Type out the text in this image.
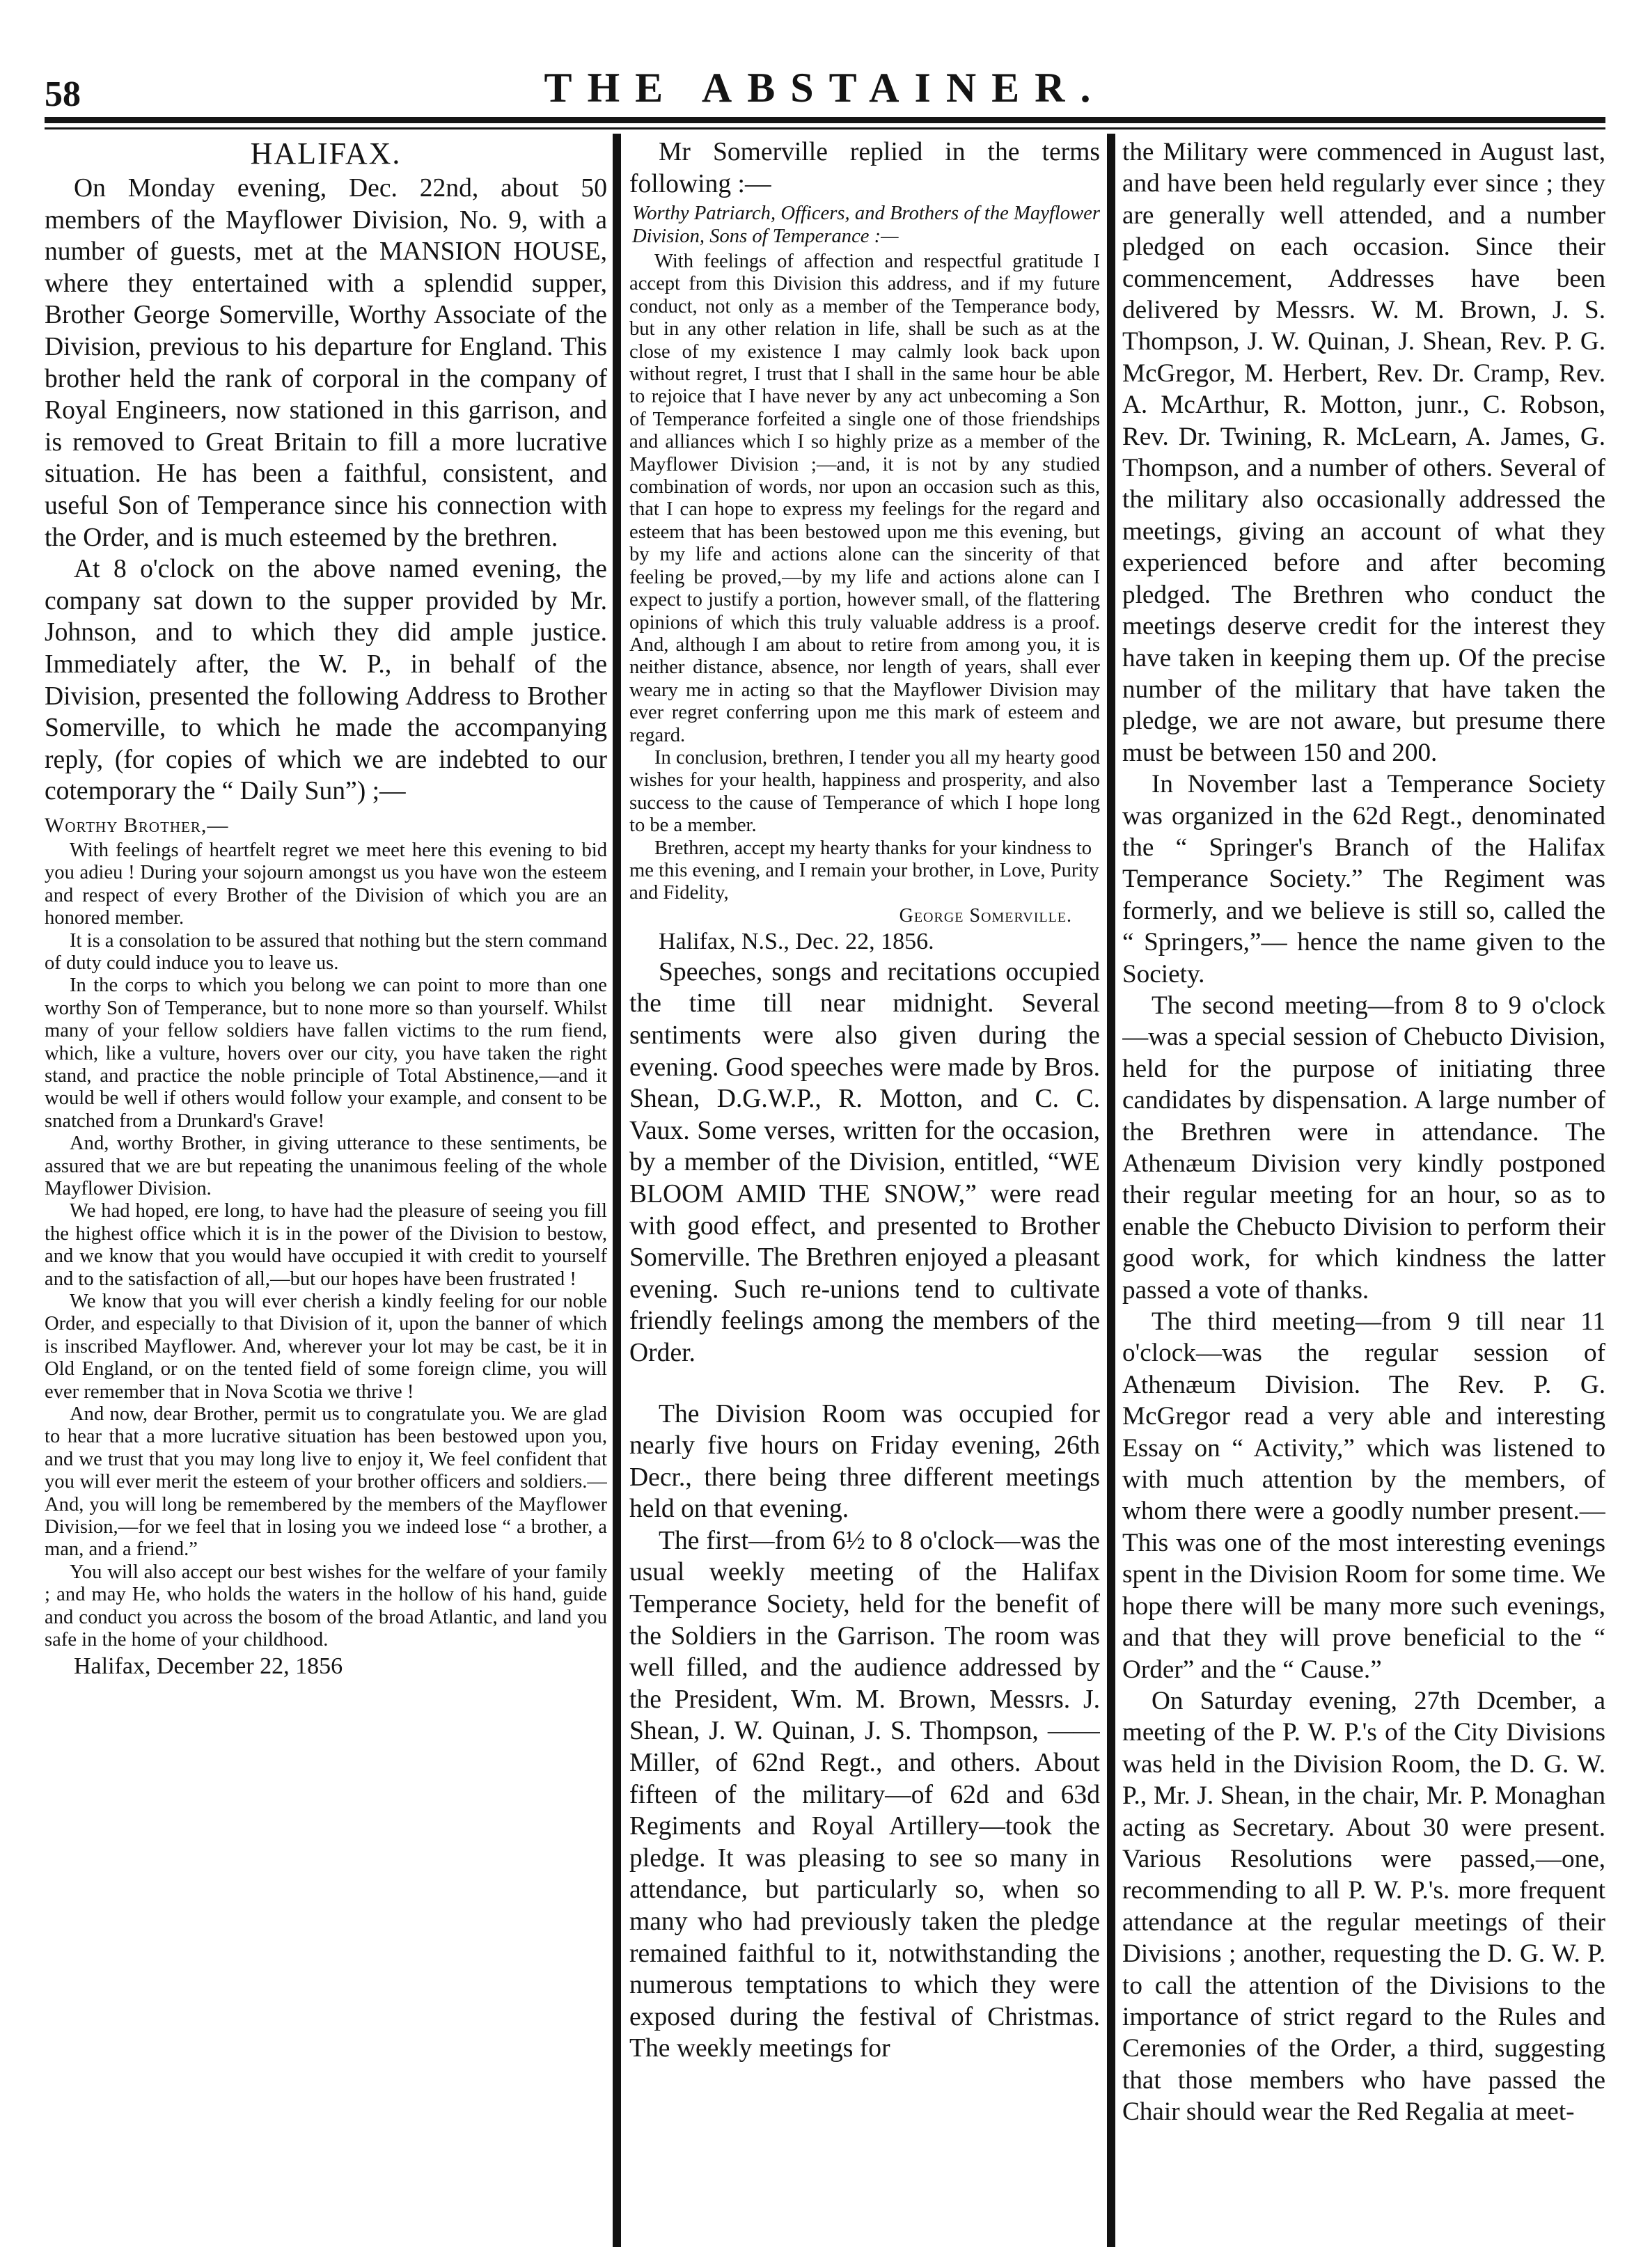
58	THE ABSTAINER.
HALIFAX.

On Monday evening, Dec. 22nd, about 50 members of the Mayflower Division, No. 9, with a number of guests, met at the MANSION HOUSE, where they entertained with a splendid supper, Brother George Somerville, Worthy Associate of the Division, previous to his departure for England. This brother held the rank of corporal in the company of Royal Engineers, now stationed in this garrison, and is removed to Great Britain to fill a more lucrative situation. He has been a faithful, consistent, and useful Son of Temperance since his connection with the Order, and is much esteemed by the brethren.

At 8 o'clock on the above named evening, the company sat down to the supper provided by Mr. Johnson, and to which they did ample justice. Immediately after, the W. P., in behalf of the Division, presented the following Address to Brother Somerville, to which he made the accompanying reply, (for copies of which we are indebted to our cotemporary the “ Daily Sun”) ;—

Worthy Brother,—

With feelings of heartfelt regret we meet here this evening to bid you adieu ! During your sojourn amongst us you have won the esteem and respect of every Brother of the Division of which you are an honored member.

It is a consolation to be assured that nothing but the stern command of duty could induce you to leave us.

In the corps to which you belong we can point to more than one worthy Son of Temperance, but to none more so than yourself. Whilst many of your fellow soldiers have fallen victims to the rum fiend, which, like a vulture, hovers over our city, you have taken the right stand, and practice the noble principle of Total Abstinence,—and it would be well if others would follow your example, and consent to be snatched from a Drunkard's Grave!

And, worthy Brother, in giving utterance to these sentiments, be assured that we are but repeating the unanimous feeling of the whole Mayflower Division.

We had hoped, ere long, to have had the pleasure of seeing you fill the highest office which it is in the power of the Division to bestow, and we know that you would have occupied it with credit to yourself and to the satisfaction of all,—but our hopes have been frustrated !

We know that you will ever cherish a kindly feeling for our noble Order, and especially to that Division of it, upon the banner of which is inscribed Mayflower. And, wherever your lot may be cast, be it in Old England, or on the tented field of some foreign clime, you will ever remember that in Nova Scotia we thrive !

And now, dear Brother, permit us to congratulate you. We are glad to hear that a more lucrative situation has been bestowed upon you, and we trust that you may long live to enjoy it, We feel confident that you will ever merit the esteem of your brother officers and soldiers.— And, you will long be remembered by the members of the Mayflower Division,—for we feel that in losing you we indeed lose “ a brother, a man, and a friend.”

You will also accept our best wishes for the welfare of your family ; and may He, who holds the waters in the hollow of his hand, guide and conduct you across the bosom of the broad Atlantic, and land you safe in the home of your childhood.

Halifax, December 22, 1856

Mr Somerville replied in the terms following :—

Worthy Patriarch, Officers, and Brothers of the Mayflower Division, Sons of Temperance :—

With feelings of affection and respectful gratitude I accept from this Division this address, and if my future conduct, not only as a member of the Temperance body, but in any other relation in life, shall be such as at the close of my existence I may calmly look back upon without regret, I trust that I shall in the same hour be able to rejoice that I have never by any act unbecoming a Son of Temperance forfeited a single one of those friendships and alliances which I so highly prize as a member of the Mayflower Division ;—and, it is not by any studied combination of words, nor upon an occasion such as this, that I can hope to express my feelings for the regard and esteem that has been bestowed upon me this evening, but by my life and actions alone can the sincerity of that feeling be proved,—by my life and actions alone can I expect to justify a portion, however small, of the flattering opinions of which this truly valuable address is a proof. And, although I am about to retire from among you, it is neither distance, absence, nor length of years, shall ever weary me in acting so that the Mayflower Division may ever regret conferring upon me this mark of esteem and regard.

In conclusion, brethren, I tender you all my hearty good wishes for your health, happiness and prosperity, and also success to the cause of Temperance of which I hope long to be a member.

Brethren, accept my hearty thanks for your kindness to me this evening, and I remain your brother, in Love, Purity and Fidelity,

George Somerville.

Halifax, N.S., Dec. 22, 1856.

Speeches, songs and recitations occupied the time till near midnight. Several sentiments were also given during the evening. Good speeches were made by Bros. Shean, D.G.W.P., R. Motton, and C. C. Vaux. Some verses, written for the occasion, by a member of the Division, entitled, “WE BLOOM AMID THE SNOW,” were read with good effect, and presented to Brother Somerville. The Brethren enjoyed a pleasant evening. Such re-unions tend to cultivate friendly feelings among the members of the Order.

The Division Room was occupied for nearly five hours on Friday evening, 26th Decr., there being three different meetings held on that evening.

The first—from 6½ to 8 o'clock—was the usual weekly meeting of the Halifax Temperance Society, held for the benefit of the Soldiers in the Garrison. The room was well filled, and the audience addressed by the President, Wm. M. Brown, Messrs. J. Shean, J. W. Quinan, J. S. Thompson, —— Miller, of 62nd Regt., and others. About fifteen of the military—of 62d and 63d Regiments and Royal Artillery—took the pledge. It was pleasing to see so many in attendance, but particularly so, when so many who had previously taken the pledge remained faithful to it, notwithstanding the numerous temptations to which they were exposed during the festival of Christmas. The weekly meetings for

the Military were commenced in August last, and have been held regularly ever since ; they are generally well attended, and a number pledged on each occasion. Since their commencement, Addresses have been delivered by Messrs. W. M. Brown, J. S. Thompson, J. W. Quinan, J. Shean, Rev. P. G. McGregor, M. Herbert, Rev. Dr. Cramp, Rev. A. McArthur, R. Motton, junr., C. Robson, Rev. Dr. Twining, R. McLearn, A. James, G. Thompson, and a number of others. Several of the military also occasionally addressed the meetings, giving an account of what they experienced before and after becoming pledged. The Brethren who conduct the meetings deserve credit for the interest they have taken in keeping them up. Of the precise number of the military that have taken the pledge, we are not aware, but presume there must be between 150 and 200.

In November last a Temperance Society was organized in the 62d Regt., denominated the “ Springer's Branch of the Halifax Temperance Society.” The Regiment was formerly, and we believe is still so, called the “ Springers,”— hence the name given to the Society.

The second meeting—from 8 to 9 o'clock—was a special session of Chebucto Division, held for the purpose of initiating three candidates by dispensation. A large number of the Brethren were in attendance. The Athenæum Division very kindly postponed their regular meeting for an hour, so as to enable the Chebucto Division to perform their good work, for which kindness the latter passed a vote of thanks.

The third meeting—from 9 till near 11 o'clock—was the regular session of Athenæum Division. The Rev. P. G. McGregor read a very able and interesting Essay on “ Activity,” which was listened to with much attention by the members, of whom there were a goodly number present.—This was one of the most interesting evenings spent in the Division Room for some time. We hope there will be many more such evenings, and that they will prove beneficial to the “ Order” and the “ Cause.”

On Saturday evening, 27th Dcember, a meeting of the P. W. P.'s of the City Divisions was held in the Division Room, the D. G. W. P., Mr. J. Shean, in the chair, Mr. P. Monaghan acting as Secretary. About 30 were present. Various Resolutions were passed,—one, recommending to all P. W. P.'s. more frequent attendance at the regular meetings of their Divisions ; another, requesting the D. G. W. P. to call the attention of the Divisions to the importance of strict regard to the Rules and Ceremonies of the Order, a third, suggesting that those members who have passed the Chair should wear the Red Regalia at meet-
